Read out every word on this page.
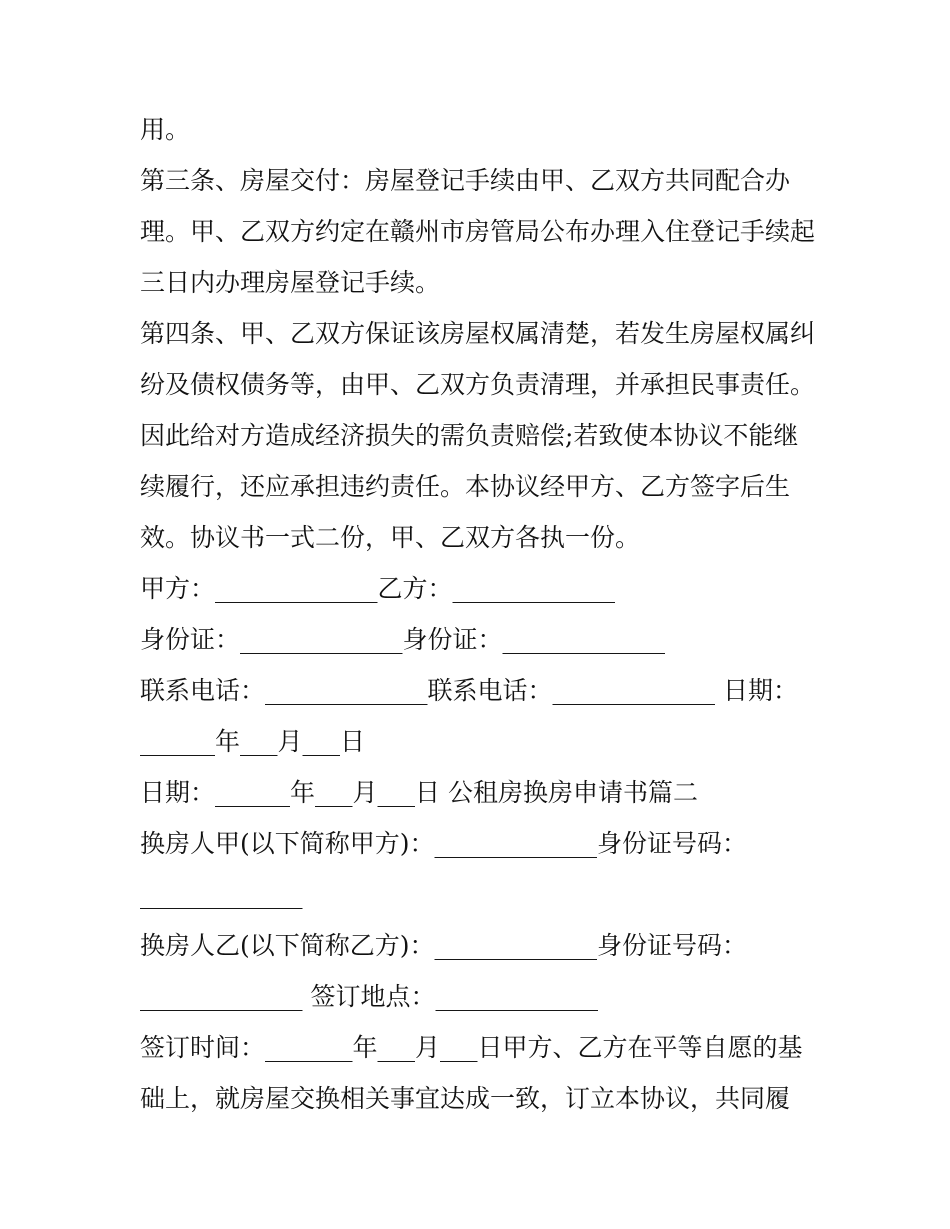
用。
第三条、房屋交付：房屋登记手续由甲、乙双方共同配合办
理。甲、乙双方约定在赣州市房管局公布办理入住登记手续起
三日内办理房屋登记手续。
第四条、甲、乙双方保证该房屋权属清楚，若发生房屋权属纠
纷及债权债务等，由甲、乙双方负责清理，并承担民事责任。
因此给对方造成经济损失的需负责赔偿;若致使本协议不能继
续履行，还应承担违约责任。本协议经甲方、乙方签字后生
效。协议书一式二份，甲、乙双方各执一份。
甲方：_____________乙方：_____________
身份证：_____________身份证：_____________
联系电话：_____________联系电话：_____________ 日期：
______年___月___日
日期：______年___月___日 公租房换房申请书篇二
换房人甲(以下简称甲方)：_____________身份证号码：
_____________
换房人乙(以下简称乙方)：_____________身份证号码：
_____________ 签订地点：_____________
签订时间：_______年___月___日甲方、乙方在平等自愿的基
础上，就房屋交换相关事宜达成一致，订立本协议，共同履
